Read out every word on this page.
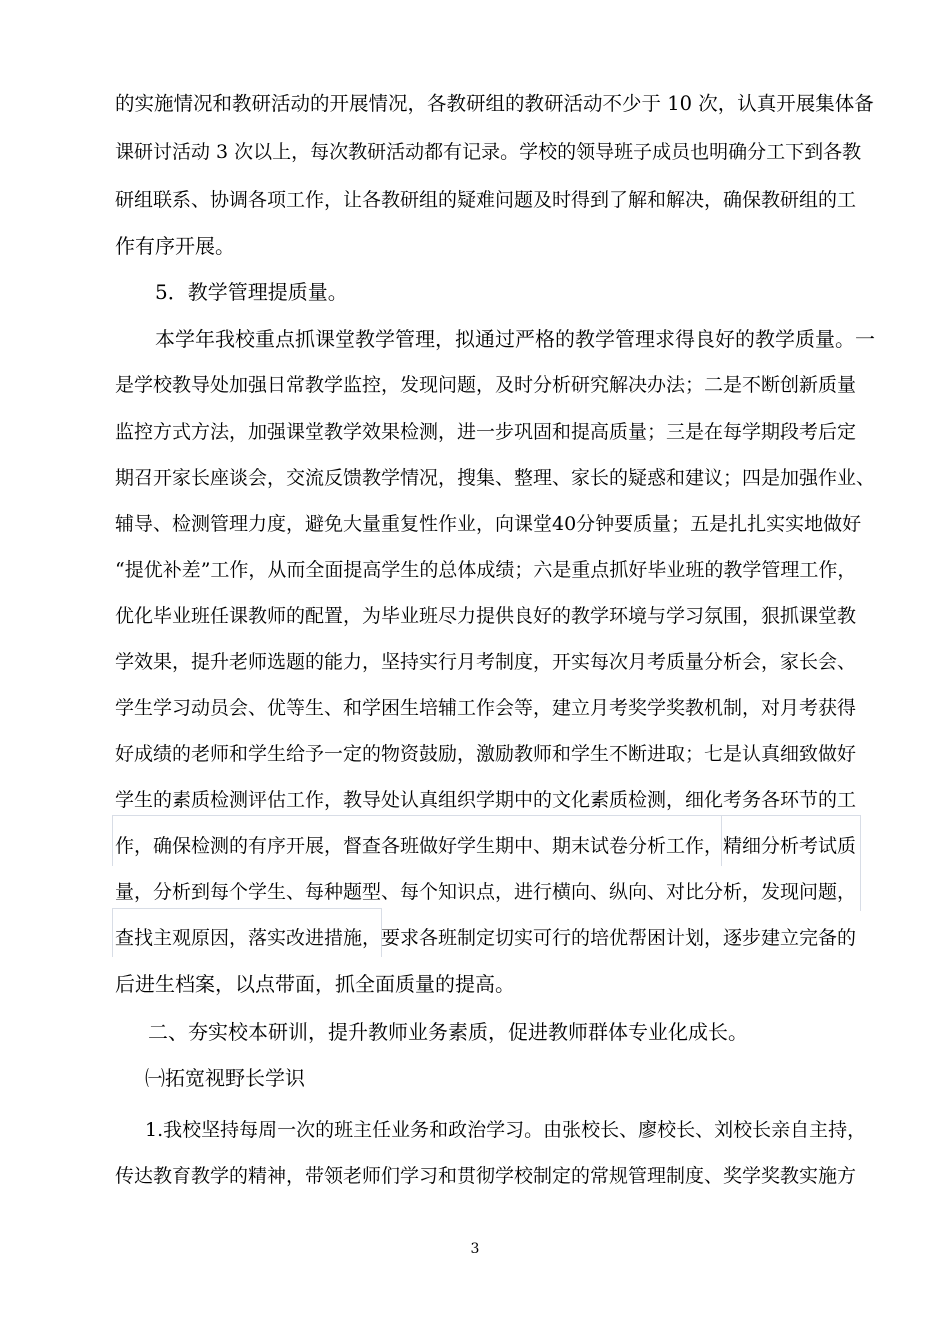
的实施情况和教研活动的开展情况，各教研组的教研活动不少于 10 次，认真开展集体备
课研讨活动 3 次以上，每次教研活动都有记录。学校的领导班子成员也明确分工下到各教
研组联系、协调各项工作，让各教研组的疑难问题及时得到了解和解决，确保教研组的工
作有序开展。
5．教学管理提质量。
本学年我校重点抓课堂教学管理，拟通过严格的教学管理求得良好的教学质量。一
是学校教导处加强日常教学监控，发现问题，及时分析研究解决办法；二是不断创新质量
监控方式方法，加强课堂教学效果检测，进一步巩固和提高质量；三是在每学期段考后定
期召开家长座谈会，交流反馈教学情况，搜集、整理、家长的疑惑和建议；四是加强作业、
辅导、检测管理力度，避免大量重复性作业，向课堂40分钟要质量；五是扎扎实实地做好
“提优补差”工作，从而全面提高学生的总体成绩；六是重点抓好毕业班的教学管理工作，
优化毕业班任课教师的配置，为毕业班尽力提供良好的教学环境与学习氛围，狠抓课堂教
学效果，提升老师选题的能力，坚持实行月考制度，开实每次月考质量分析会，家长会、
学生学习动员会、优等生、和学困生培辅工作会等，建立月考奖学奖教机制，对月考获得
好成绩的老师和学生给予一定的物资鼓励，激励教师和学生不断进取；七是认真细致做好
学生的素质检测评估工作，教导处认真组织学期中的文化素质检测，细化考务各环节的工
作，确保检测的有序开展，督查各班做好学生期中、期末试卷分析工作，精细分析考试质
量，分析到每个学生、每种题型、每个知识点，进行横向、纵向、对比分析，发现问题，
查找主观原因，落实改进措施，要求各班制定切实可行的培优帮困计划，逐步建立完备的
后进生档案，以点带面，抓全面质量的提高。
二、夯实校本研训，提升教师业务素质，促进教师群体专业化成长。
㈠拓宽视野长学识
1.我校坚持每周一次的班主任业务和政治学习。由张校长、廖校长、刘校长亲自主持，
传达教育教学的精神，带领老师们学习和贯彻学校制定的常规管理制度、奖学奖教实施方
3
